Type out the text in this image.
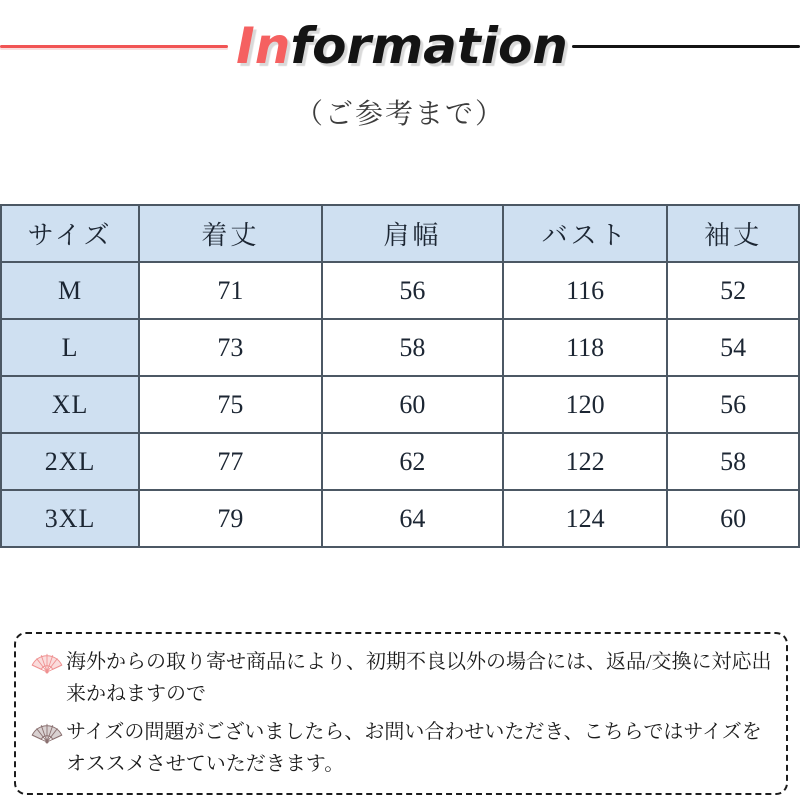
Information
（ご参考まで）
サイズ	着丈	肩幅	バスト	袖丈
M	71	56	116	52
L	73	58	118	54
XL	75	60	120	56
2XL	77	62	122	58
3XL	79	64	124	60

海外からの取り寄せ商品により、初期不良以外の場合には、返品/交換に対応出来かねますので

サイズの問題がございましたら、お問い合わせいただき、こちらではサイズをオススメさせていただきます。
